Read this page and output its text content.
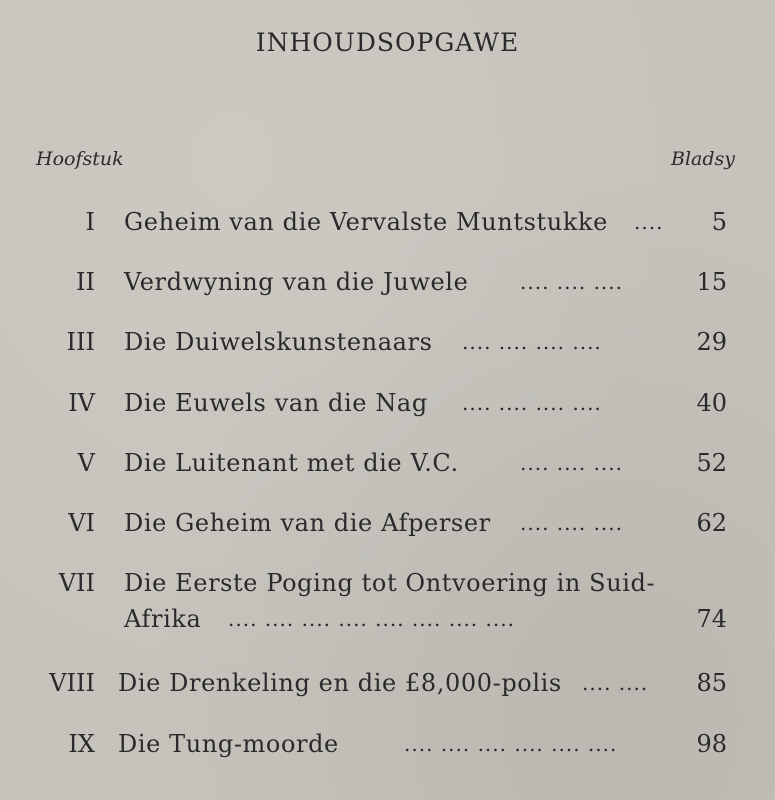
INHOUDSOPGAWE
Hoofstuk	Bladsy
I Geheim van die Vervalste Muntstukke .... 5
II Verdwyning van die Juwele	.... .... ....	15
III Die Duiwelskunstenaars .... .... .... ....	29
IV Die Euwels van die Nag .... .... .... ....	40
V Die Luitenant met die V.C.	.... .... ....	52
VI Die Geheim van die Afperser .... .... ....	62
VII Die Eerste Poging tot Ontvoering in Suid-
Afrika .... .... .... .... .... .... .... ....	74
VIII Die Drenkeling en die £8,000-polis .... .... 85
IX Die Tung-moorde	.... .... .... .... .... ....	98
